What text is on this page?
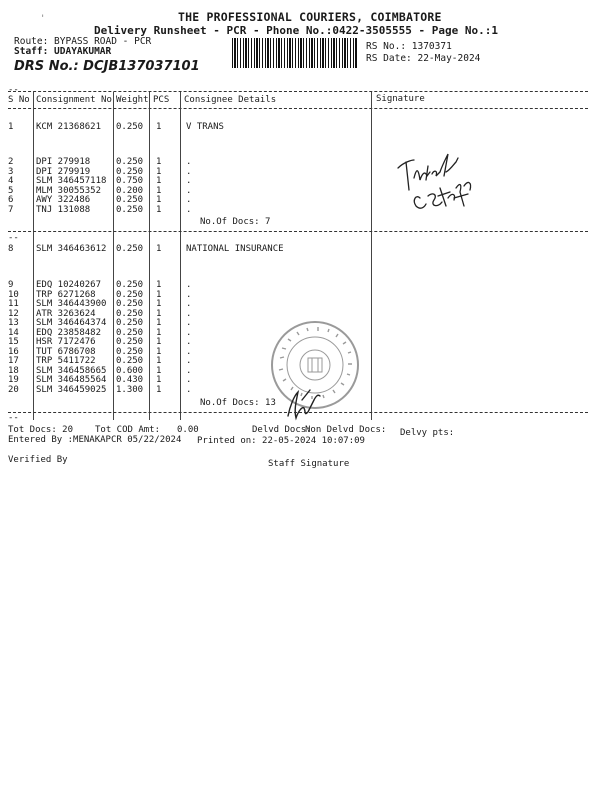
'	THE PROFESSIONAL COURIERS, COIMBATORE
Delivery Runsheet - PCR - Phone No.:0422-3505555 - Page No.:1
Route: BYPASS ROAD - PCR
Staff: UDAYAKUMAR
DRS No.: DCJB137037101
RS No.: 1370371
RS Date: 22-May-2024
--
S No Consignment No Weight PCS Consignee Details	Signature
1	KCM 21368621 0.250 1	V TRANS
2	DPI 279918	0.250 1	.
3	DPI 279919	0.250 1	.
4	SLM 346457118 0.750 1	.
5	MLM 30055352 0.200 1	.
6	AWY 322486	0.250 1	.
7	TNJ 131088	0.250 1	.
No.Of Docs: 7
--
8	SLM 346463612 0.250 1	NATIONAL INSURANCE
9	EDQ 10240267 0.250 1	.
10 TRP 6271268 0.250 1	.
11 SLM 346443900 0.250 1	.
12 ATR 3263624 0.250 1	.
13 SLM 346464374 0.250 1	.
14 EDQ 23858482 0.250 1	.
15 HSR 7172476 0.250 1	.
16 TUT 6786708 0.250 1	.
17 TRP 5411722 0.250 1	.
18 SLM 346458665 0.600 1	.
19 SLM 346485564 0.430 1	.
20 SLM 346459025 1.300 1	.
No.Of Docs: 13
--
Tot Docs: 20 Tot COD Amt: 0.00	Delvd Docs:
Non Delvd Docs: Delvy pts:
Entered By :MENAKAPCR 05/22/2024 Printed on: 22-05-2024 10:07:09
Verified By	Staff Signature
